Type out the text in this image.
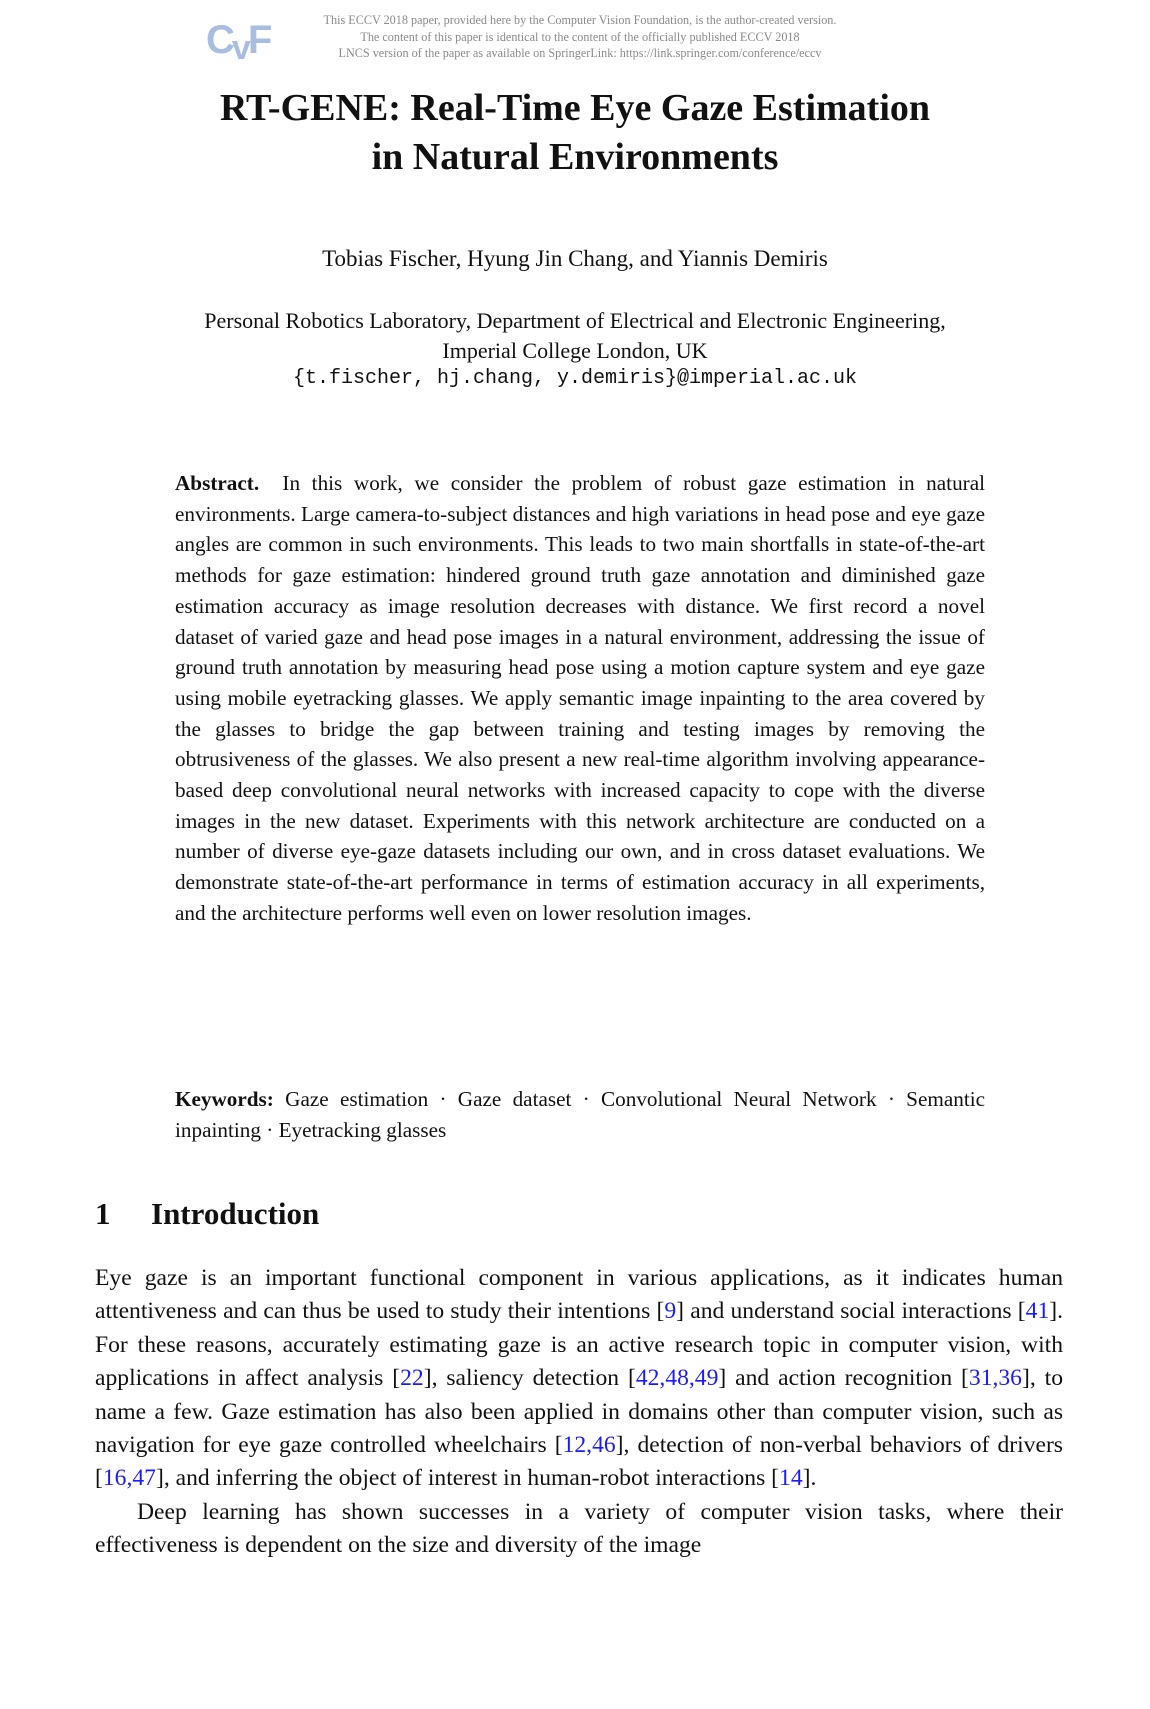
CvF	This ECCV 2018 paper, provided here by the Computer Vision Foundation, is the author-created version.
The content of this paper is identical to the content of the officially published ECCV 2018
LNCS version of the paper as available on SpringerLink: https://link.springer.com/conference/eccv
RT-GENE: Real-Time Eye Gaze Estimation
in Natural Environments
Tobias Fischer, Hyung Jin Chang, and Yiannis Demiris
Personal Robotics Laboratory, Department of Electrical and Electronic Engineering,
Imperial College London, UK
{t.fischer, hj.chang, y.demiris}@imperial.ac.uk
Abstract. In this work, we consider the problem of robust gaze estimation in natural environments. Large camera-to-subject distances and high variations in head pose and eye gaze angles are common in such environments. This leads to two main shortfalls in state-of-the-art methods for gaze estimation: hindered ground truth gaze annotation and diminished gaze estimation accuracy as image resolution decreases with distance. We first record a novel dataset of varied gaze and head pose images in a natural environment, addressing the issue of ground truth annotation by measuring head pose using a motion capture system and eye gaze using mobile eyetracking glasses. We apply semantic image inpainting to the area covered by the glasses to bridge the gap between training and testing images by removing the obtrusiveness of the glasses. We also present a new real-time algorithm involving appearance-based deep convolutional neural networks with increased capacity to cope with the diverse images in the new dataset. Experiments with this network architecture are conducted on a number of diverse eye-gaze datasets including our own, and in cross dataset evaluations. We demonstrate state-of-the-art performance in terms of estimation accuracy in all experiments, and the architecture performs well even on lower resolution images.
Keywords: Gaze estimation · Gaze dataset · Convolutional Neural Network · Semantic inpainting · Eyetracking glasses
1 Introduction

Eye gaze is an important functional component in various applications, as it indicates human attentiveness and can thus be used to study their intentions [9] and understand social interactions [41]. For these reasons, accurately estimating gaze is an active research topic in computer vision, with applications in affect analysis [22], saliency detection [42,48,49] and action recognition [31,36], to name a few. Gaze estimation has also been applied in domains other than computer vision, such as navigation for eye gaze controlled wheelchairs [12,46], detection of non-verbal behaviors of drivers [16,47], and inferring the object of interest in human-robot interactions [14].

Deep learning has shown successes in a variety of computer vision tasks, where their effectiveness is dependent on the size and diversity of the image
